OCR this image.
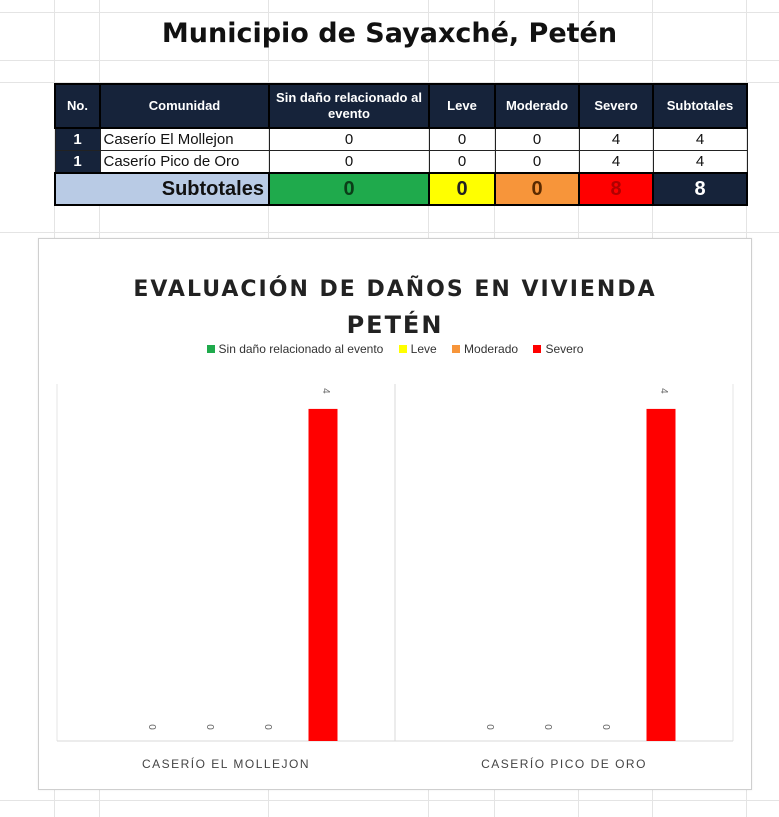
Municipio de Sayaxché, Petén
No.	Comunidad	Sin daño relacionado al evento	Leve	Moderado	Severo	Subtotales
1	Caserío El Mollejon	0	0	0	4	4
1	Caserío Pico de Oro	0	0	0	4	4
Subtotales		0	0	0	8	8
EVALUACIÓN DE DAÑOS EN VIVIENDA
PETÉN
Sin daño relacionado al evento Leve Moderado Severo
0	0	0
4
CASERÍO EL MOLLEJON
0	0	0
4
CASERÍO PICO DE ORO
